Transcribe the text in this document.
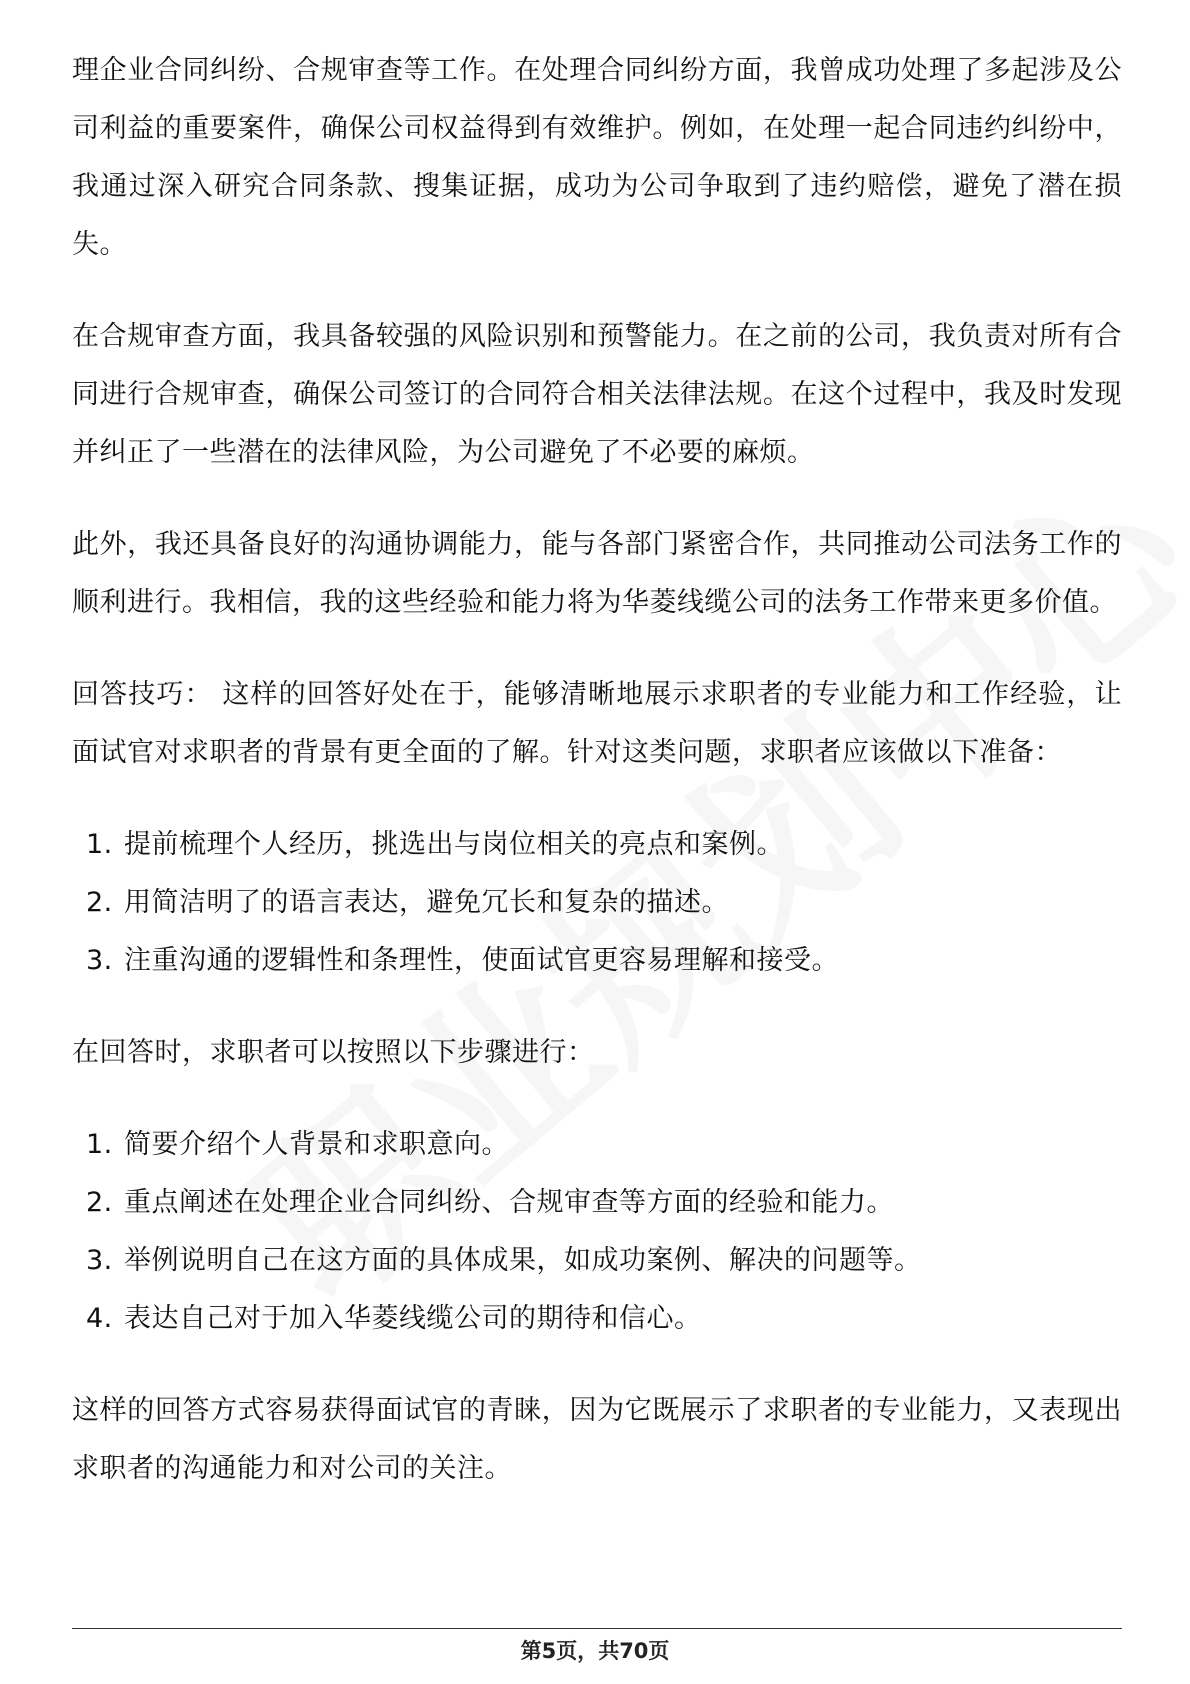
理企业合同纠纷、合规审查等工作。在处理合同纠纷方面，我曾成功处理了多起涉及公司利益的重要案件，确保公司权益得到有效维护。例如，在处理一起合同违约纠纷中，我通过深入研究合同条款、搜集证据，成功为公司争取到了违约赔偿，避免了潜在损失。

在合规审查方面，我具备较强的风险识别和预警能力。在之前的公司，我负责对所有合同进行合规审查，确保公司签订的合同符合相关法律法规。在这个过程中，我及时发现并纠正了一些潜在的法律风险，为公司避免了不必要的麻烦。

此外，我还具备良好的沟通协调能力，能与各部门紧密合作，共同推动公司法务工作的顺利进行。我相信，我的这些经验和能力将为华菱线缆公司的法务工作带来更多价值。

回答技巧： 这样的回答好处在于，能够清晰地展示求职者的专业能力和工作经验，让面试官对求职者的背景有更全面的了解。针对这类问题，求职者应该做以下准备：

1. 提前梳理个人经历，挑选出与岗位相关的亮点和案例。
2. 用简洁明了的语言表达，避免冗长和复杂的描述。
3. 注重沟通的逻辑性和条理性，使面试官更容易理解和接受。

在回答时，求职者可以按照以下步骤进行：

1. 简要介绍个人背景和求职意向。
2. 重点阐述在处理企业合同纠纷、合规审查等方面的经验和能力。
3. 举例说明自己在这方面的具体成果，如成功案例、解决的问题等。
4. 表达自己对于加入华菱线缆公司的期待和信心。

这样的回答方式容易获得面试官的青睐，因为它既展示了求职者的专业能力，又表现出求职者的沟通能力和对公司的关注。

第5页，共70页
